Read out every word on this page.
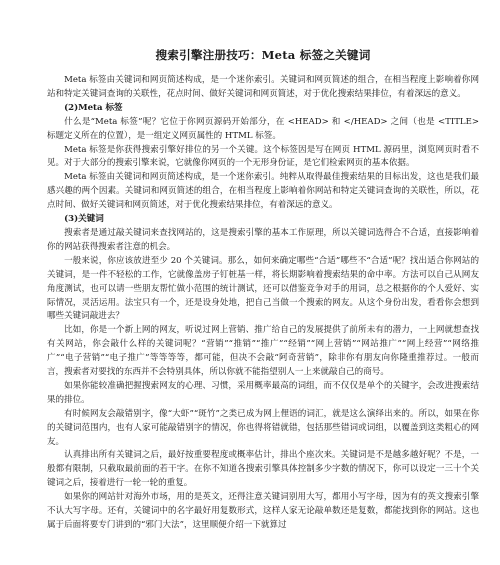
搜索引擎注册技巧：Meta 标签之关键词

Meta 标签由关键词和网页简述构成，是一个迷你索引。关键词和网页简述的组合，在相当程度上影响着你网站和特定关键词查询的关联性，花点时间、做好关键词和网页简述，对于优化搜索结果排位，有着深远的意义。

(2)Meta 标签

什么是“Meta 标签”呢？它位于你网页源码开始部分，在 <HEAD> 和 </HEAD> 之间（也是 <TITLE> 标题定义所在的位置），是一组定义网页属性的 HTML 标签。

Meta 标签是你获得搜索引擎好排位的另一个关键。这个标签因是写在网页 HTML 源码里，浏览网页时看不见。对于大部分的搜索引擎来说，它就像你网页的一个无形身份证，是它们检索网页的基本依据。

Meta 标签由关键词和网页简述构成，是一个迷你索引。纯粹从取得最佳搜索结果的目标出发，这也是我们最感兴趣的两个因素。关键词和网页简述的组合，在相当程度上影响着你网站和特定关键词查询的关联性，所以，花点时间、做好关键词和网页简述，对于优化搜索结果排位，有着深远的意义。

(3)关键词

搜索者是通过敲关键词来查找网站的，这是搜索引擎的基本工作原理，所以关键词选得合不合适，直接影响着你的网站获得搜索者注意的机会。

一般来说，你应该放进至少 20 个关键词。那么，如何来确定哪些“合适”哪些不“合适”呢？找出适合你网站的关键词，是一件不轻松的工作，它就像盖房子钉桩基一样，将长期影响着搜索结果的命中率。方法可以自己从网友角度测试，也可以请一些朋友帮忙做小范围的统计测试，还可以借鉴竞争对手的用词，总之根据你的个人爱好、实际情况，灵活运用。法宝只有一个，还是设身处地，把自己当做一个搜索的网友。从这个身份出发，看看你会想到哪些关键词敲进去？

比如，你是一个新上网的网友，听说过网上营销、推广给自己的发展提供了前所未有的潜力，一上网就想查找有关网站，你会敲什么样的关键词呢？“营销”“推销”“推广”“经销”“网上营销”“网站推广”“网上经营”“网络推广”“电子营销”“电子推广”等等等等，都可能，但决不会敲“阿奇营销”，除非你有朋友向你隆重推荐过。一般而言，搜索者对要找的东西并不会特别具体，所以你就不能指望别人一上来就敲自己的商号。

如果你能较准确把握搜索网友的心理、习惯，采用概率最高的词组，而不仅仅是单个的关键字，会改进搜索结果的排位。

有时候网友会敲错别字，像“大虾”“斑竹”之类已成为网上俚语的词汇，就是这么演绎出来的。所以，如果在你的关键词范围内，也有人家可能敲错别字的情况，你也得将错就错，包括那些错词或词组，以覆盖到这类粗心的网友。

认真排出所有关键词之后，最好按重要程度或概率估计，排出个座次来。关键词是不是越多越好呢？不是，一般都有限制，只截取最前面的若干字。在你不知道各搜索引擎具体控制多少字数的情况下，你可以设定一三十个关键词之后，接着进行一轮一轮的重复。

如果你的网站针对海外市场，用的是英文，还得注意关键词别用大写，都用小写字母，因为有的英文搜索引擎不认大写字母。还有，关键词中的名字最好用复数形式，这样人家无论敲单数还是复数，都能找到你的网站。这也属于后面将要专门讲到的“邪门大法”，这里顺便介绍一下就算过
